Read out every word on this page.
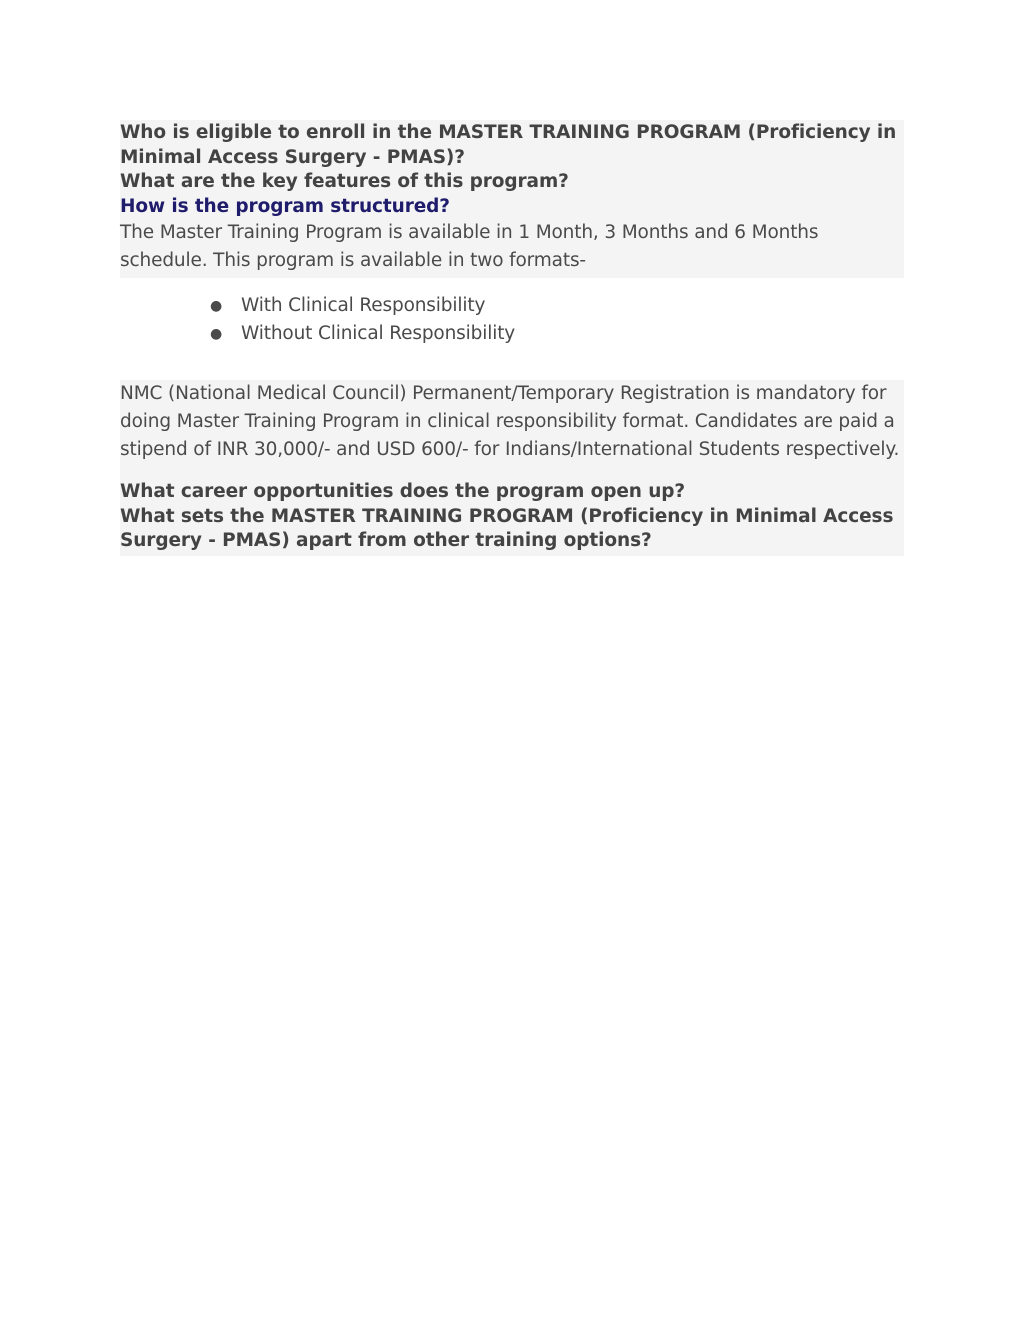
Who is eligible to enroll in the MASTER TRAINING PROGRAM (Proficiency in Minimal Access Surgery - PMAS)?

What are the key features of this program?

How is the program structured?

The Master Training Program is available in 1 Month, 3 Months and 6 Months schedule. This program is available in two formats-

● With Clinical Responsibility
● Without Clinical Responsibility

NMC (National Medical Council) Permanent/Temporary Registration is mandatory for doing Master Training Program in clinical responsibility format. Candidates are paid a stipend of INR 30,000/- and USD 600/- for Indians/International Students respectively.

What career opportunities does the program open up?

What sets the MASTER TRAINING PROGRAM (Proficiency in Minimal Access Surgery - PMAS) apart from other training options?
